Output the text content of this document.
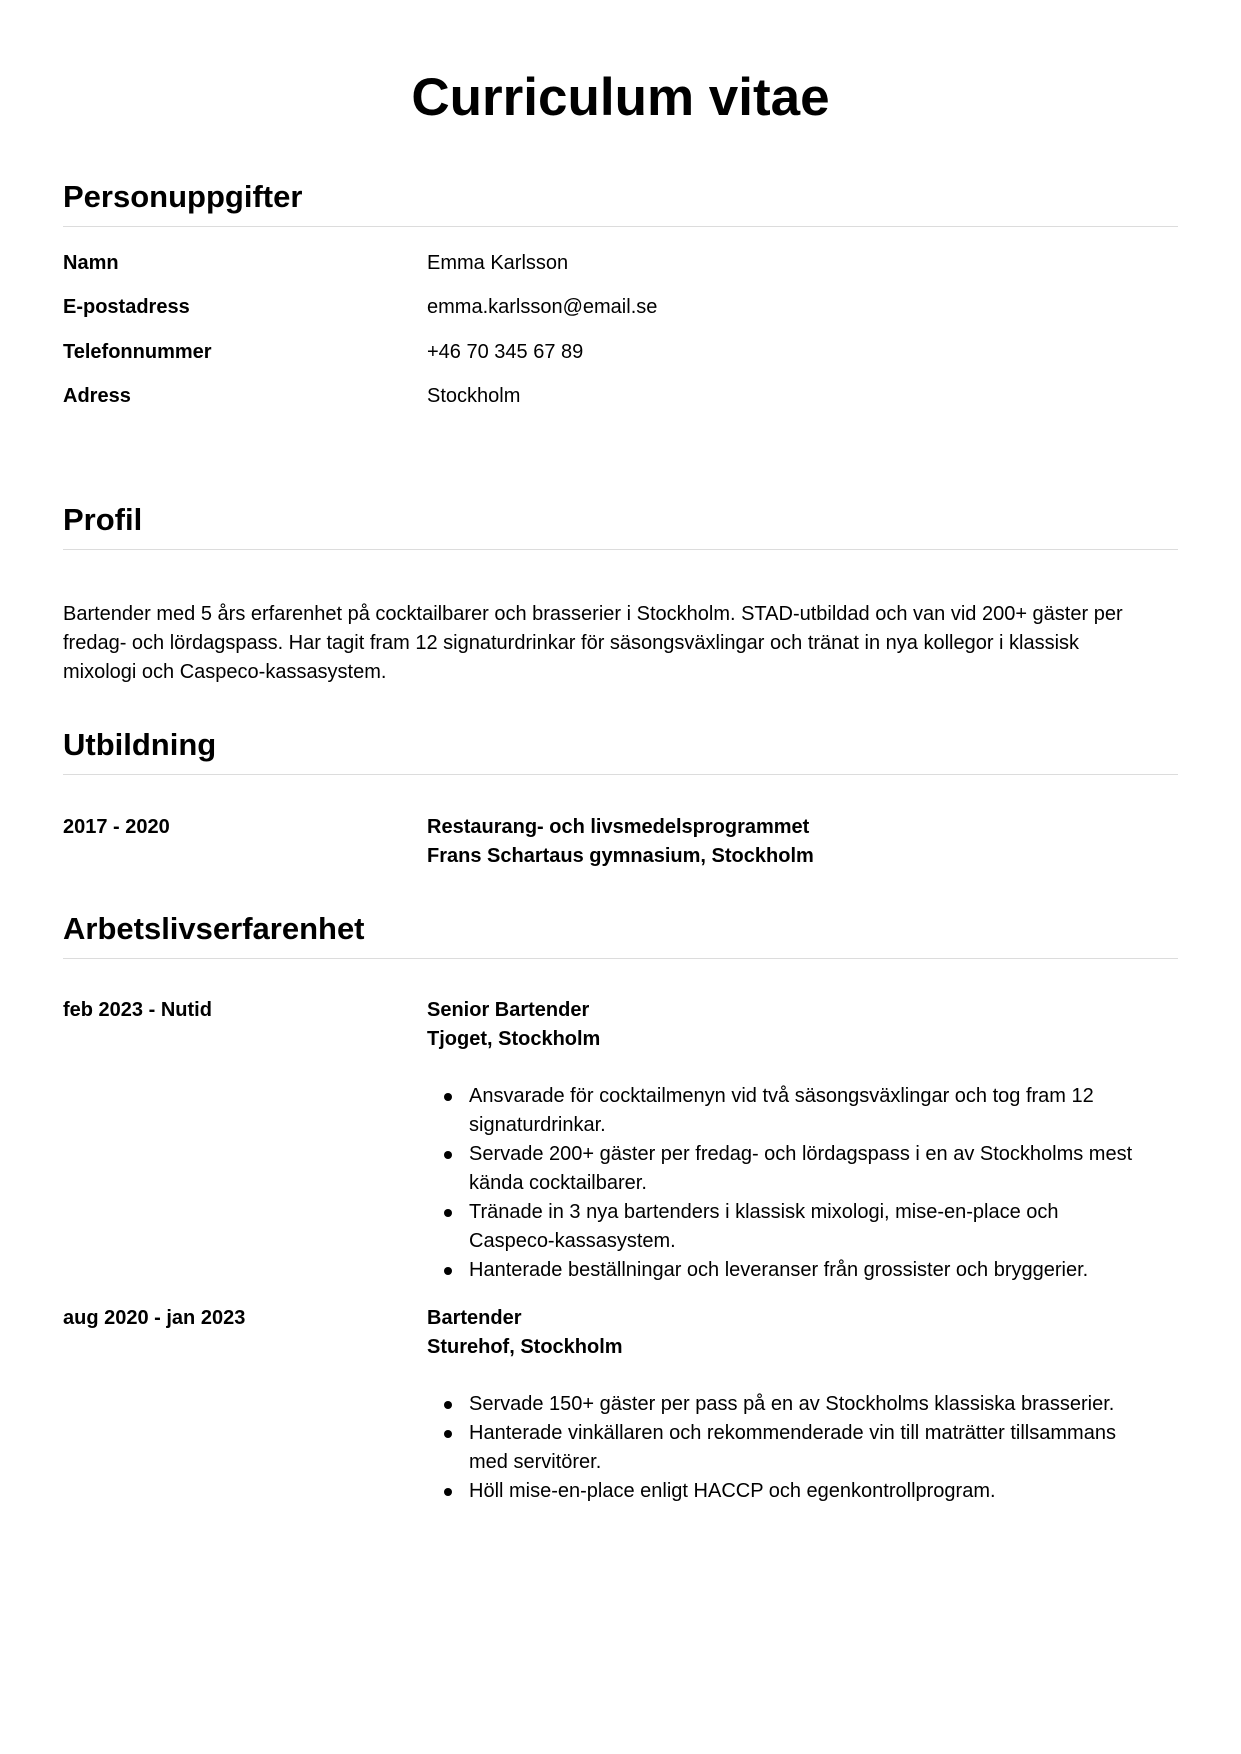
Curriculum vitae
Personuppgifter
Namn	Emma Karlsson
E-postadress	emma.karlsson@email.se
Telefonnummer	+46 70 345 67 89
Adress	Stockholm
Profil
Bartender med 5 års erfarenhet på cocktailbarer och brasserier i Stockholm. STAD-utbildad och van vid 200+ gäster per
fredag- och lördagspass. Har tagit fram 12 signaturdrinkar för säsongsväxlingar och tränat in nya kollegor i klassisk
mixologi och Caspeco-kassasystem.
Utbildning
2017 - 2020	Restaurang- och livsmedelsprogrammet
Frans Schartaus gymnasium, Stockholm
Arbetslivserfarenhet
feb 2023 - Nutid	Senior Bartender
Tjoget, Stockholm
Ansvarade för cocktailmenyn vid två säsongsväxlingar och tog fram 12
signaturdrinkar.
Servade 200+ gäster per fredag- och lördagspass i en av Stockholms mest
kända cocktailbarer.
Tränade in 3 nya bartenders i klassisk mixologi, mise-en-place och
Caspeco-kassasystem.
Hanterade beställningar och leveranser från grossister och bryggerier.
aug 2020 - jan 2023	Bartender
Sturehof, Stockholm
Servade 150+ gäster per pass på en av Stockholms klassiska brasserier.
Hanterade vinkällaren och rekommenderade vin till maträtter tillsammans
med servitörer.
Höll mise-en-place enligt HACCP och egenkontrollprogram.
